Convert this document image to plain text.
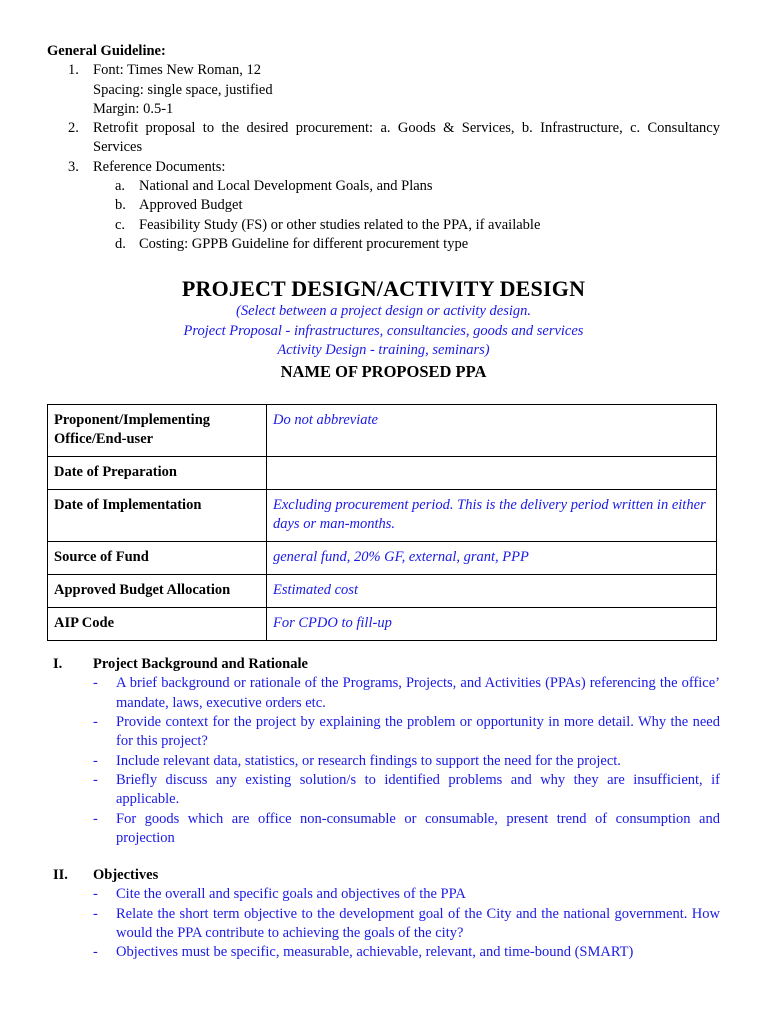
General Guideline:
1. Font: Times New Roman, 12
Spacing: single space, justified
Margin: 0.5-1
2. Retrofit proposal to the desired procurement: a. Goods & Services, b. Infrastructure, c. Consultancy Services
3. Reference Documents:
a. National and Local Development Goals, and Plans
b. Approved Budget
c. Feasibility Study (FS) or other studies related to the PPA, if available
d. Costing: GPPB Guideline for different procurement type
PROJECT DESIGN/ACTIVITY DESIGN
(Select between a project design or activity design.
Project Proposal - infrastructures, consultancies, goods and services
Activity Design - training, seminars)
NAME OF PROPOSED PPA
Proponent/Implementing Office/End-user	Do not abbreviate
Date of Preparation	
Date of Implementation	Excluding procurement period. This is the delivery period written in either days or man-months.
Source of Fund	general fund, 20% GF, external, grant, PPP
Approved Budget Allocation	Estimated cost
AIP Code	For CPDO to fill-up
I.	Project Background and Rationale
- A brief background or rationale of the Programs, Projects, and Activities (PPAs) referencing the office’ mandate, laws, executive orders etc.
- Provide context for the project by explaining the problem or opportunity in more detail. Why the need for this project?
- Include relevant data, statistics, or research findings to support the need for the project.
- Briefly discuss any existing solution/s to identified problems and why they are insufficient, if applicable.
- For goods which are office non-consumable or consumable, present trend of consumption and projection
II.	Objectives
- Cite the overall and specific goals and objectives of the PPA
- Relate the short term objective to the development goal of the City and the national government. How would the PPA contribute to achieving the goals of the city?
- Objectives must be specific, measurable, achievable, relevant, and time-bound (SMART)
